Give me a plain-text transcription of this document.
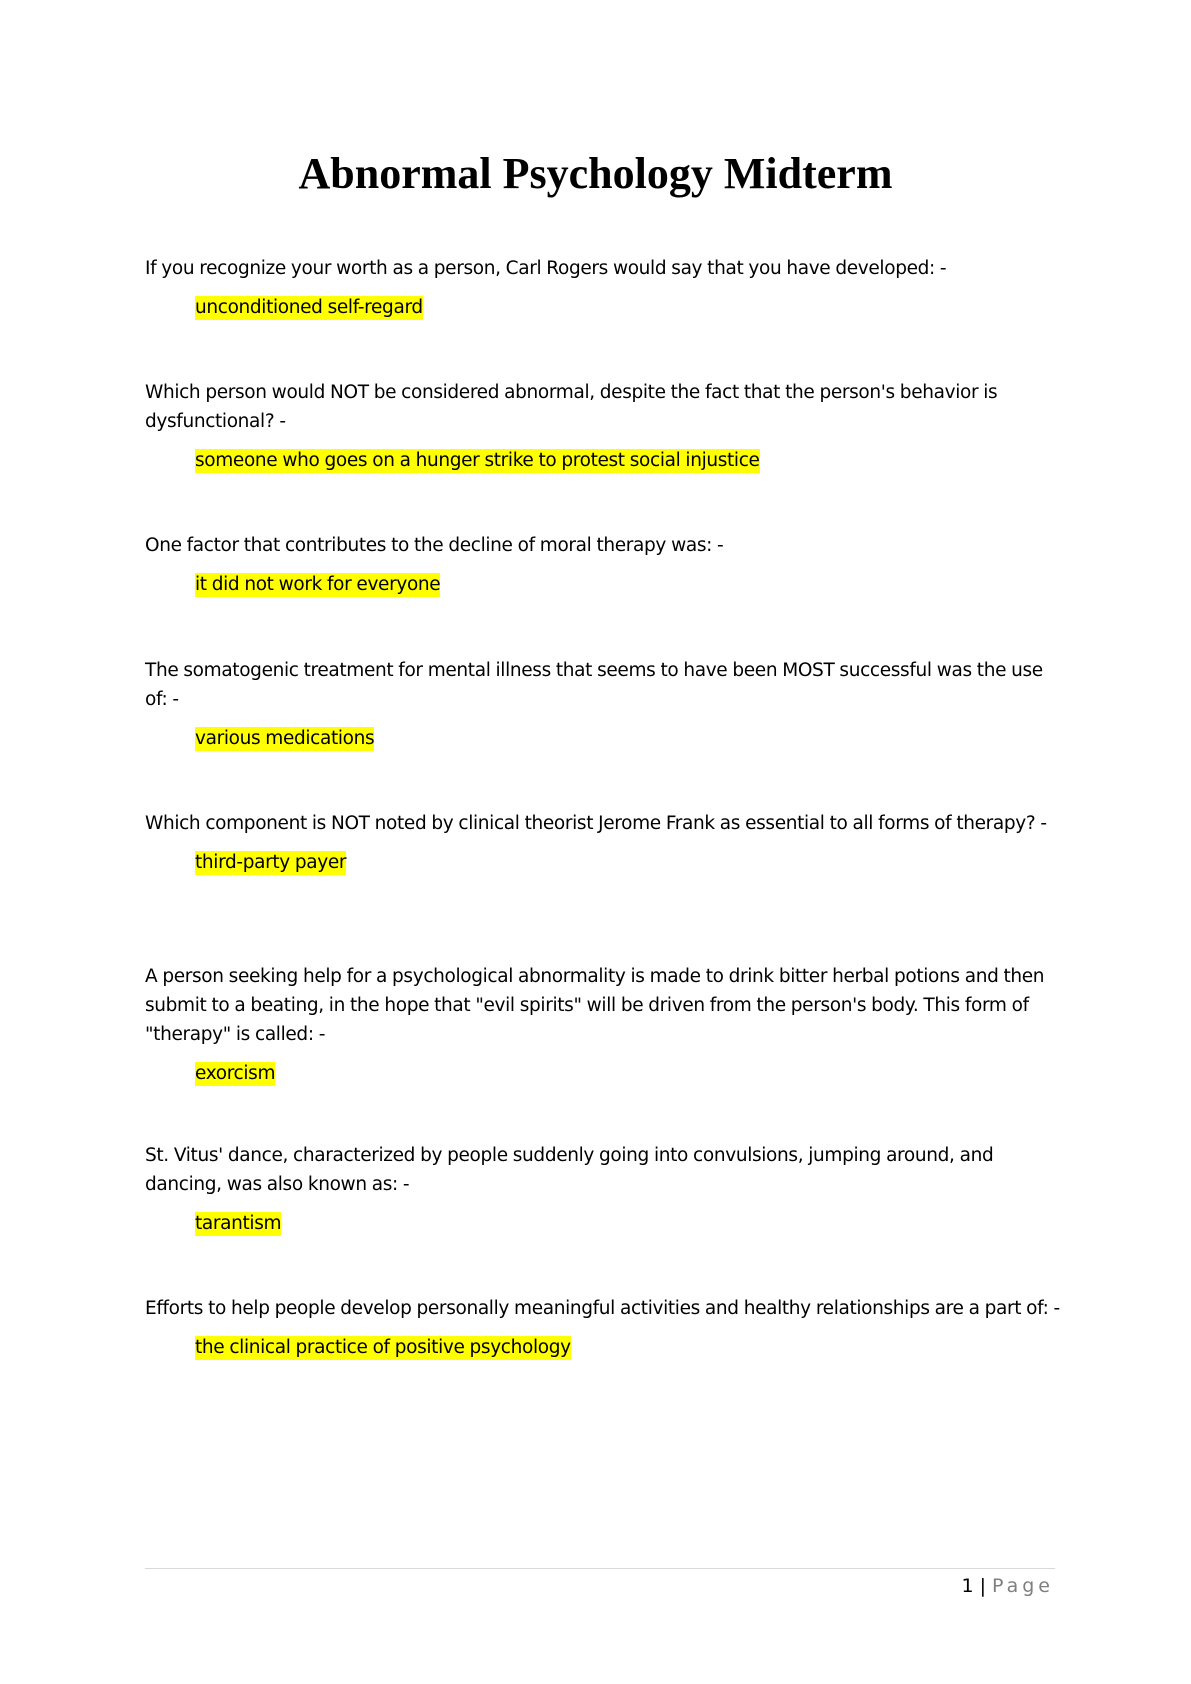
Abnormal Psychology Midterm

If you recognize your worth as a person, Carl Rogers would say that you have developed: -

unconditioned self-regard

Which person would NOT be considered abnormal, despite the fact that the person's behavior is dysfunctional? -

someone who goes on a hunger strike to protest social injustice

One factor that contributes to the decline of moral therapy was: -

it did not work for everyone

The somatogenic treatment for mental illness that seems to have been MOST successful was the use of: -

various medications

Which component is NOT noted by clinical theorist Jerome Frank as essential to all forms of therapy? -

third-party payer

A person seeking help for a psychological abnormality is made to drink bitter herbal potions and then submit to a beating, in the hope that "evil spirits" will be driven from the person's body. This form of "therapy" is called: -

exorcism

St. Vitus' dance, characterized by people suddenly going into convulsions, jumping around, and dancing, was also known as: -

tarantism

Efforts to help people develop personally meaningful activities and healthy relationships are a part of: -

the clinical practice of positive psychology
1 | Page
